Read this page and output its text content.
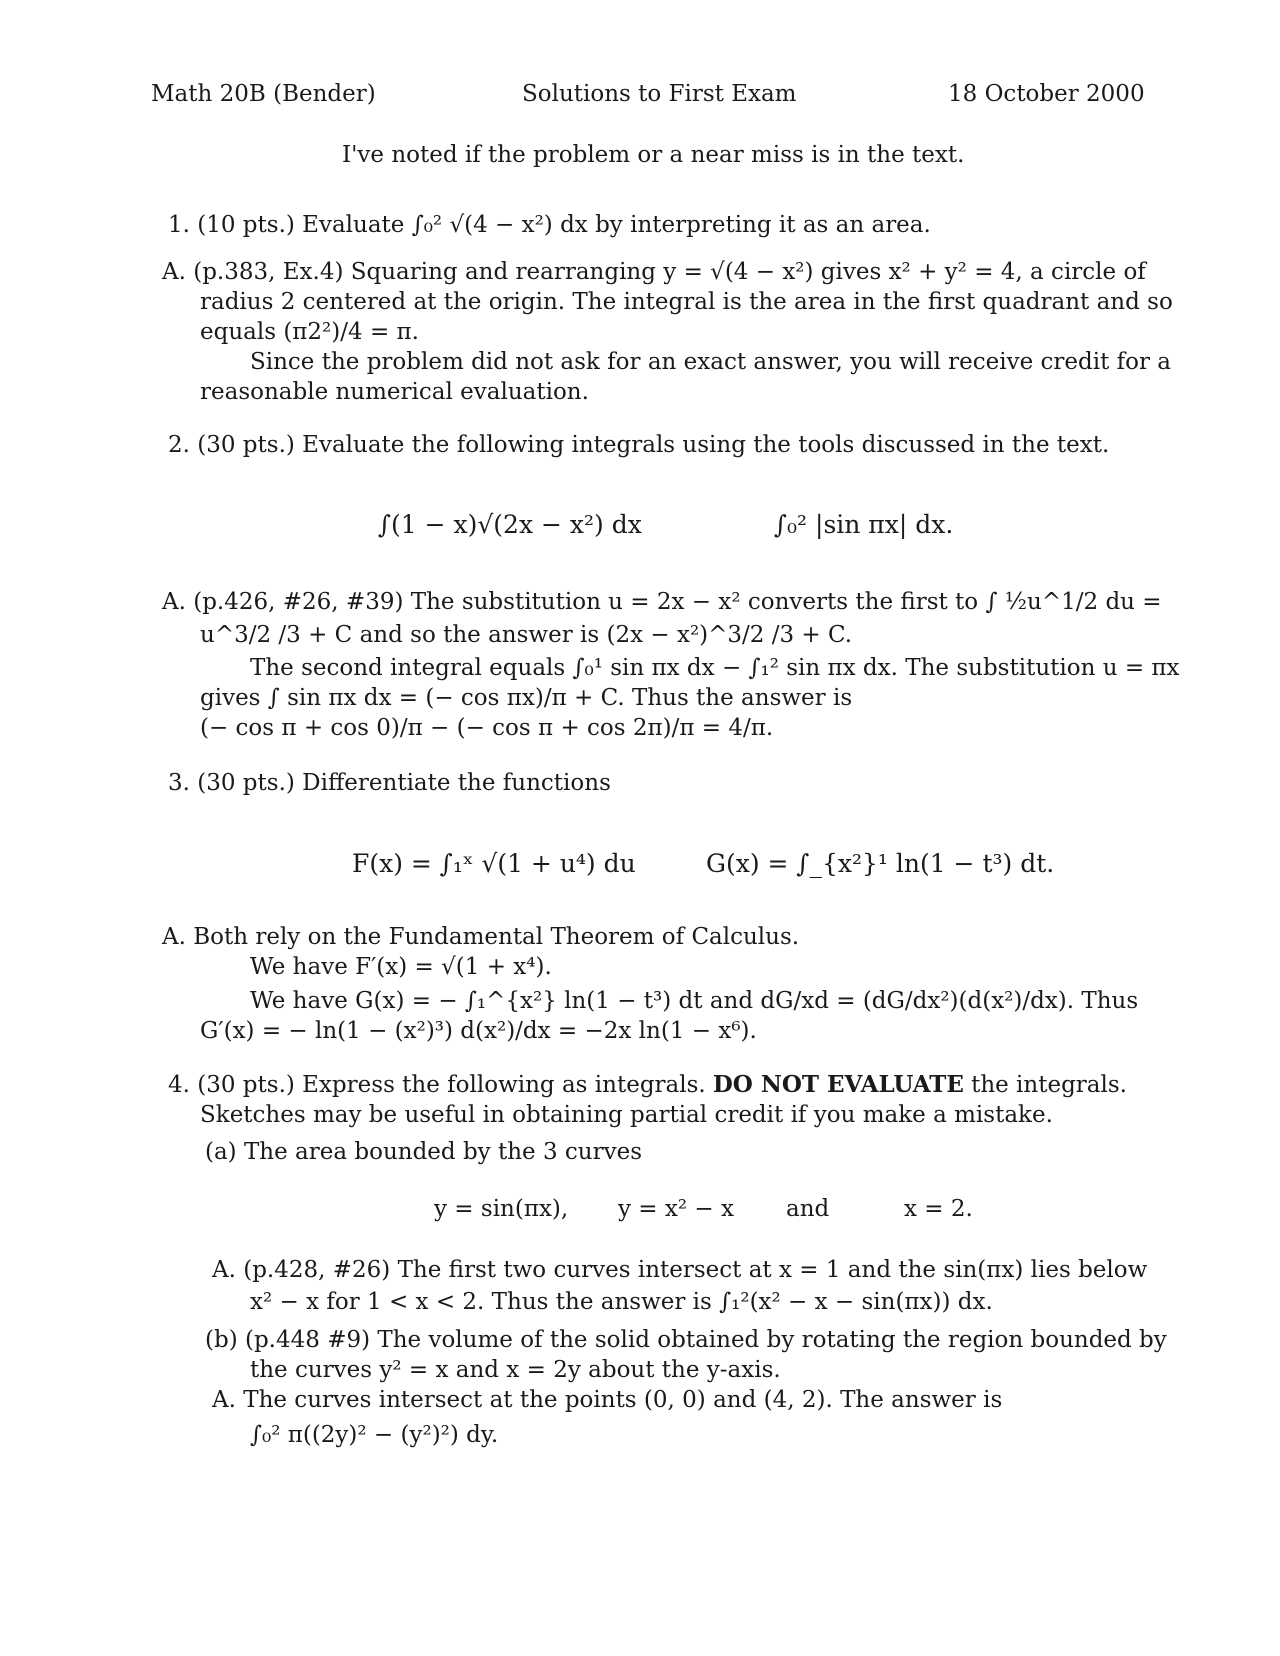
Math 20B (Bender)	Solutions to First Exam	18 October 2000
I've noted if the problem or a near miss is in the text.
1. (10 pts.) Evaluate ∫₀² √(4 − x²) dx by interpreting it as an area.
A. (p.383, Ex.4) Squaring and rearranging y = √(4 − x²) gives x² + y² = 4, a circle of
radius 2 centered at the origin. The integral is the area in the first quadrant and so
equals (π2²)/4 = π.
Since the problem did not ask for an exact answer, you will receive credit for a
reasonable numerical evaluation.
2. (30 pts.) Evaluate the following integrals using the tools discussed in the text.
∫(1 − x)√(2x − x²) dx	∫₀² |sin πx| dx.
A. (p.426, #26, #39) The substitution u = 2x − x² converts the first to ∫ ½u^1/2 du =
u^3/2 /3 + C and so the answer is (2x − x²)^3/2 /3 + C.
The second integral equals ∫₀¹ sin πx dx − ∫₁² sin πx dx. The substitution u = πx
gives ∫ sin πx dx = (− cos πx)/π + C. Thus the answer is
(− cos π + cos 0)/π − (− cos π + cos 2π)/π = 4/π.
3. (30 pts.) Differentiate the functions
F(x) = ∫₁ˣ √(1 + u⁴) du	G(x) = ∫_{x²}¹ ln(1 − t³) dt.
A. Both rely on the Fundamental Theorem of Calculus.
We have F′(x) = √(1 + x⁴).
We have G(x) = − ∫₁^{x²} ln(1 − t³) dt and dG/xd = (dG/dx²)(d(x²)/dx). Thus
G′(x) = − ln(1 − (x²)³) d(x²)/dx = −2x ln(1 − x⁶).
4. (30 pts.) Express the following as integrals. DO NOT EVALUATE the integrals.
Sketches may be useful in obtaining partial credit if you make a mistake.
(a) The area bounded by the 3 curves
y = sin(πx), y = x² − x and	x = 2.
A. (p.428, #26) The first two curves intersect at x = 1 and the sin(πx) lies below
x² − x for 1 < x < 2. Thus the answer is ∫₁²(x² − x − sin(πx)) dx.
(b) (p.448 #9) The volume of the solid obtained by rotating the region bounded by
the curves y² = x and x = 2y about the y-axis.
A. The curves intersect at the points (0, 0) and (4, 2). The answer is
∫₀² π((2y)² − (y²)²) dy.
